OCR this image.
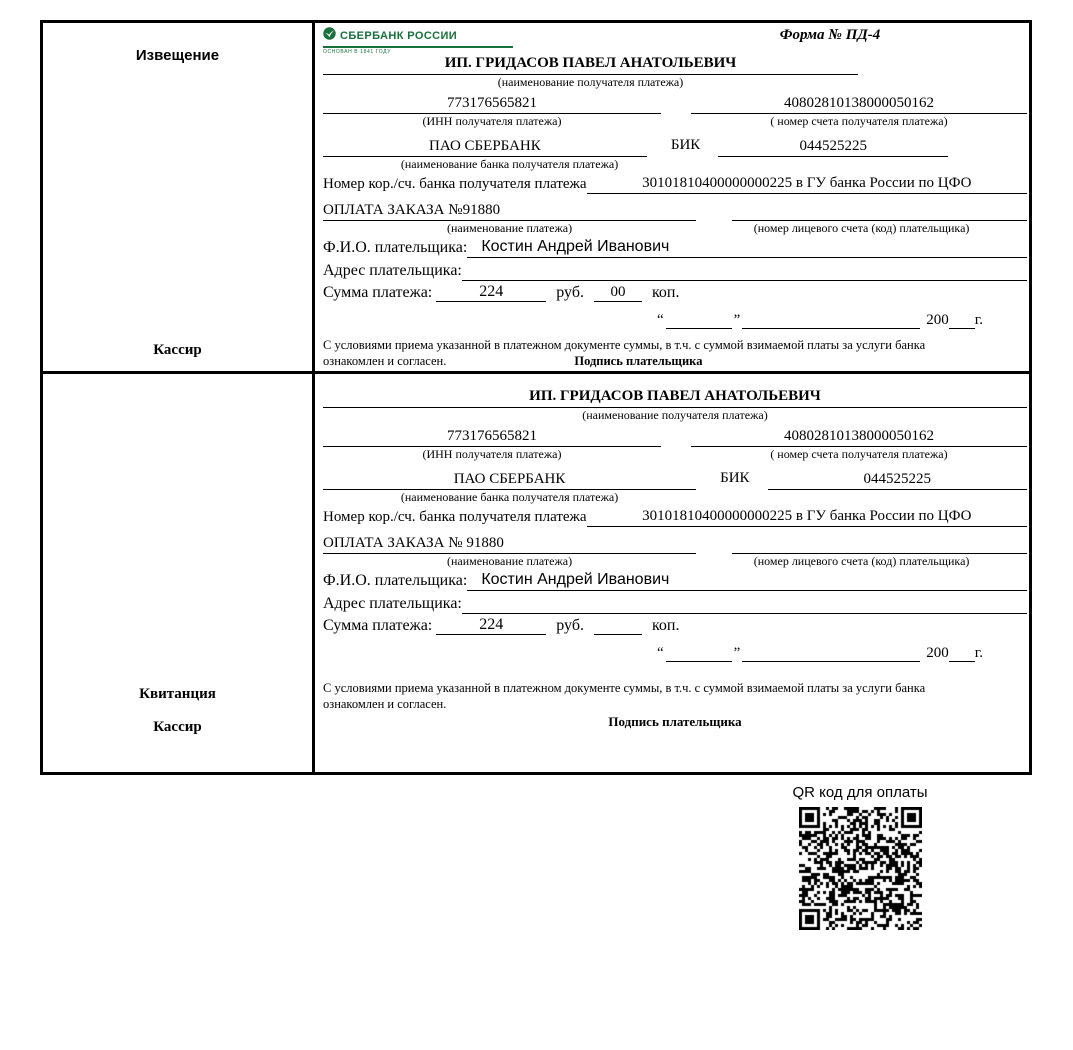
Извещение
Кассир
СБЕРБАНК РОССИИ
ОСНОВАН В 1841 ГОДУ
Форма № ПД-4
ИП. ГРИДАСОВ ПАВЕЛ АНАТОЛЬЕВИЧ
(наименование получателя платежа)
773176565821	40802810138000050162
(ИНН получателя платежа)	( номер счета получателя платежа)
ПАО СБЕРБАНК	БИК	044525225
(наименование банка получателя платежа)
Номер кор./сч. банка получателя платежа	30101810400000000225 в ГУ банка России по ЦФО
ОПЛАТА ЗАКАЗА №91880
(наименование платежа)	(номер лицевого счета (код) плательщика)
Ф.И.О. плательщика: Костин Андрей Иванович
Адрес плательщика:
Сумма платежа:	224	руб.	00	коп.
“	”	200 г.
С условиями приема указанной в платежном документе суммы, в т.ч. с суммой взимаемой платы за услуги банка
ознакомлен и согласен.	Подпись плательщика
Квитанция
Кассир
ИП. ГРИДАСОВ ПАВЕЛ АНАТОЛЬЕВИЧ
(наименование получателя платежа)
773176565821	40802810138000050162
(ИНН получателя платежа)	( номер счета получателя платежа)
ПАО СБЕРБАНК	БИК	044525225
(наименование банка получателя платежа)
Номер кор./сч. банка получателя платежа	30101810400000000225 в ГУ банка России по ЦФО
ОПЛАТА ЗАКАЗА № 91880
(наименование платежа)	(номер лицевого счета (код) плательщика)
Ф.И.О. плательщика: Костин Андрей Иванович
Адрес плательщика:
Сумма платежа:	224	руб.	коп.
“	”	200 г.
С условиями приема указанной в платежном документе суммы, в т.ч. с суммой взимаемой платы за услуги банка
ознакомлен и согласен.
Подпись плательщика
QR код для оплаты
